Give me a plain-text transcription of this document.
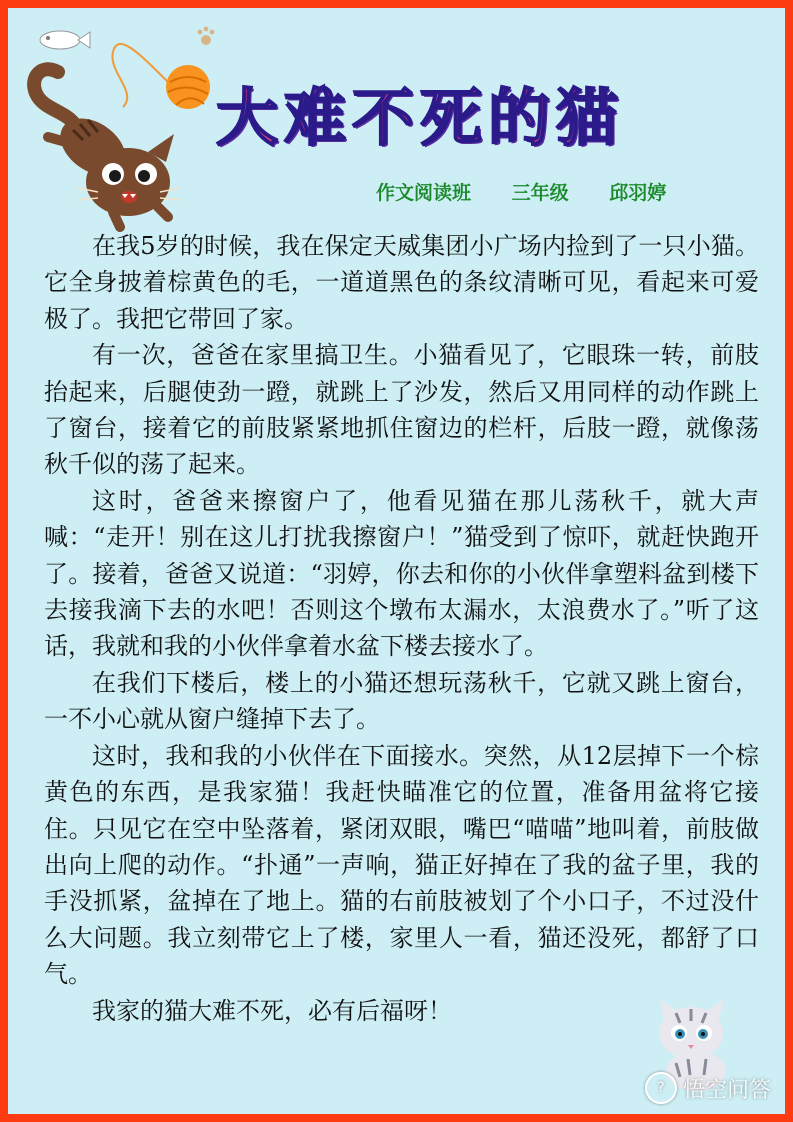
大难不死的猫
作文阅读班 三年级 邱羽婷

在我5岁的时候，我在保定天威集团小广场内捡到了一只小猫。它全身披着棕黄色的毛，一道道黑色的条纹清晰可见，看起来可爱极了。我把它带回了家。

有一次，爸爸在家里搞卫生。小猫看见了，它眼珠一转，前肢抬起来，后腿使劲一蹬，就跳上了沙发，然后又用同样的动作跳上了窗台，接着它的前肢紧紧地抓住窗边的栏杆，后肢一蹬，就像荡秋千似的荡了起来。

这时，爸爸来擦窗户了，他看见猫在那儿荡秋千，就大声喊：“走开！别在这儿打扰我擦窗户！”猫受到了惊吓，就赶快跑开了。接着，爸爸又说道：“羽婷，你去和你的小伙伴拿塑料盆到楼下去接我滴下去的水吧！否则这个墩布太漏水，太浪费水了。”听了这话，我就和我的小伙伴拿着水盆下楼去接水了。

在我们下楼后，楼上的小猫还想玩荡秋千，它就又跳上窗台，一不小心就从窗户缝掉下去了。

这时，我和我的小伙伴在下面接水。突然，从12层掉下一个棕黄色的东西，是我家猫！我赶快瞄准它的位置，准备用盆将它接住。只见它在空中坠落着，紧闭双眼，嘴巴“喵喵”地叫着，前肢做出向上爬的动作。“扑通”一声响，猫正好掉在了我的盆子里，我的手没抓紧，盆掉在了地上。猫的右前肢被划了个小口子，不过没什么大问题。我立刻带它上了楼，家里人一看，猫还没死，都舒了口气。

我家的猫大难不死，必有后福呀！

? 悟空问答
